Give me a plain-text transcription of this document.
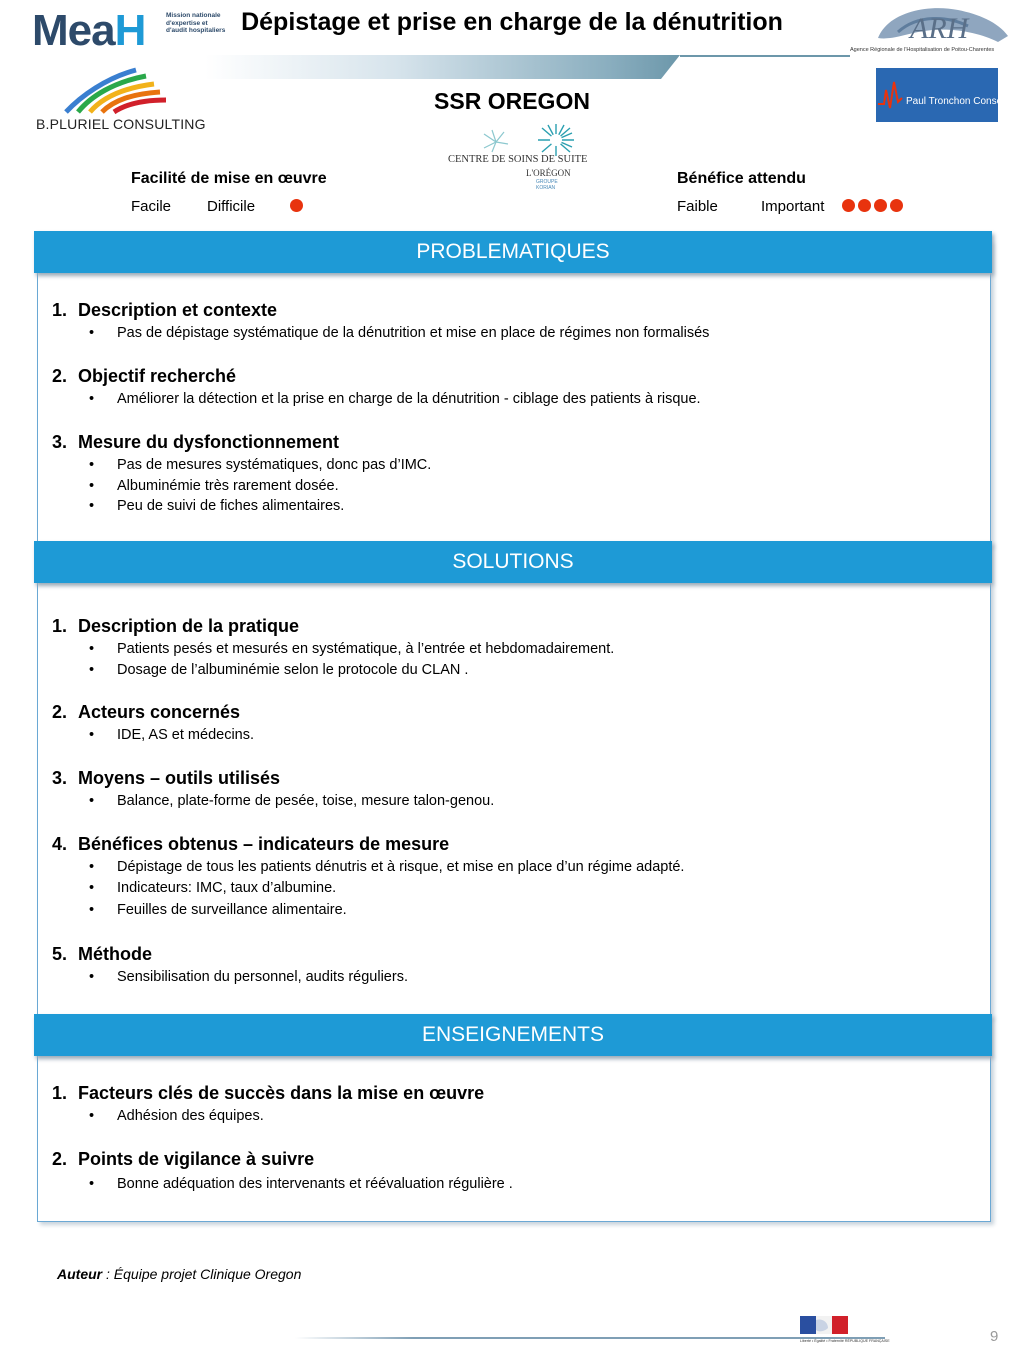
MeaH	Mission nationale d'expertise et d'audit hospitaliers Dépistage et prise en charge de la dénutrition	ARH
Agence Régionale de l'Hospitalisation de Poitou-Charentes
Paul Tronchon Conseil
B.PLURIEL CONSULTING
SSR OREGON
CENTRE DE SOINS DE SUITE
L'ORÉGON
GROUPE KORIAN
Facilité de mise en œuvre
Facile Difficile
Bénéfice attendu
Faible	Important
PROBLEMATIQUES
SOLUTIONS
ENSEIGNEMENTS
1. Description et contexte
• Pas de dépistage systématique de la dénutrition et mise en place de régimes non formalisés
2. Objectif recherché
• Améliorer la détection et la prise en charge de la dénutrition - ciblage des patients à risque.
3. Mesure du dysfonctionnement
• Pas de mesures systématiques, donc pas d’IMC.
• Albuminémie très rarement dosée.
• Peu de suivi de fiches alimentaires.
1. Description de la pratique
• Patients pesés et mesurés en systématique, à l’entrée et hebdomadairement.
• Dosage de l’albuminémie selon le protocole du CLAN .
2. Acteurs concernés
• IDE, AS et médecins.
3. Moyens – outils utilisés
• Balance, plate-forme de pesée, toise, mesure talon-genou.
4. Bénéfices obtenus – indicateurs de mesure
• Dépistage de tous les patients dénutris et à risque, et mise en place d’un régime adapté.
• Indicateurs: IMC, taux d’albumine.
• Feuilles de surveillance alimentaire.
5. Méthode
• Sensibilisation du personnel, audits réguliers.
1. Facteurs clés de succès dans la mise en œuvre
• Adhésion des équipes.
2. Points de vigilance à suivre
• Bonne adéquation des intervenants et réévaluation régulière .
Auteur : Équipe projet Clinique Oregon
Liberté • Égalité • Fraternité RÉPUBLIQUE FRANÇAISE	9
